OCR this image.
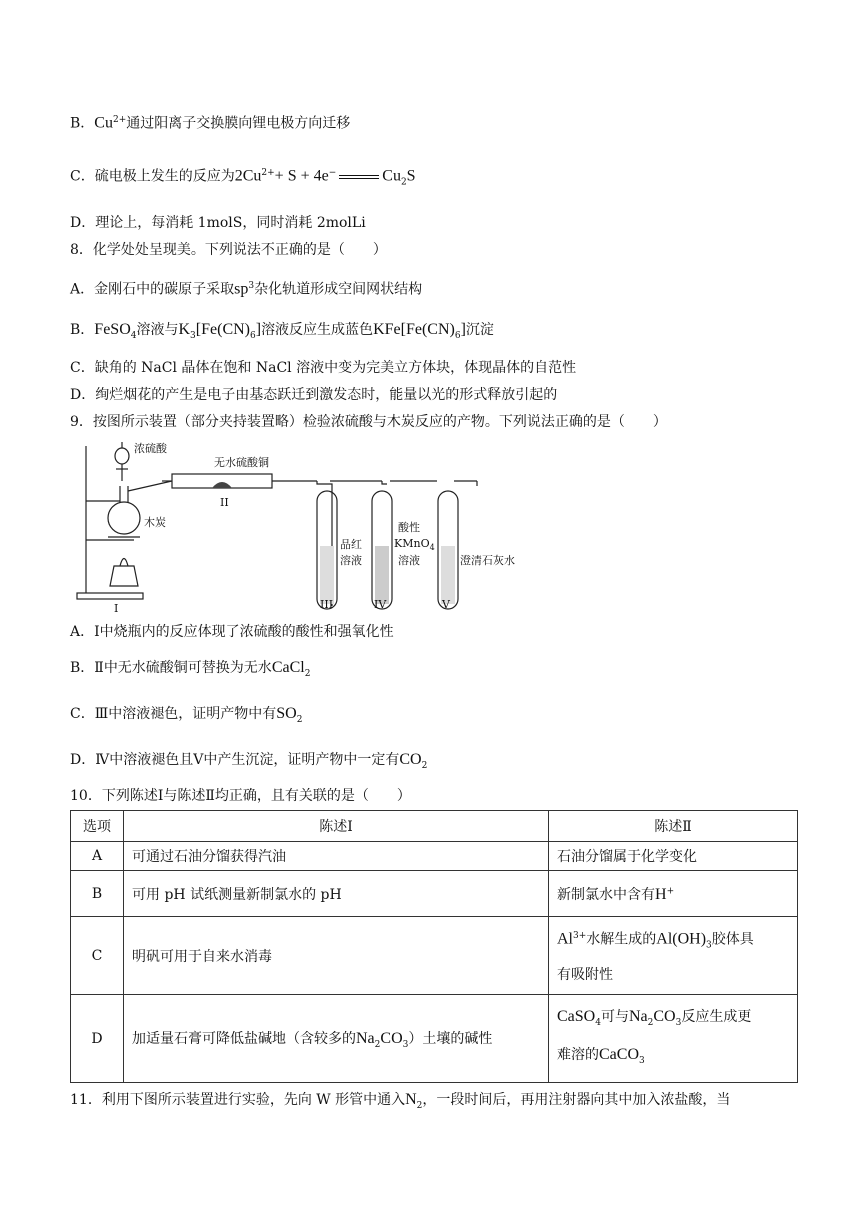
B．$Cu^{2+}$通过阳离子交换膜向锂电极方向迁移
C．硫电极上发生的反应为$2Cu^{2+}+ S + 4e^-$	$Cu_2S$
D．理论上，每消耗 1molS，同时消耗 2molLi
8．化学处处呈现美。下列说法不正确的是（　　）
A．金刚石中的碳原子采取$sp^3$杂化轨道形成空间网状结构
B．FeSO$_4$溶液与$K_3[Fe(CN)_6]$溶液反应生成蓝色$KFe[Fe(CN)_6]$沉淀
C．缺角的 NaCl 晶体在饱和 NaCl 溶液中变为完美立方体块，体现晶体的自范性
D．绚烂烟花的产生是电子由基态跃迁到激发态时，能量以光的形式释放引起的
9．按图所示装置（部分夹持装置略）检验浓硫酸与木炭反应的产物。下列说法正确的是（　　）
浓硫酸
无水硫酸铜
木炭
品红
溶液
酸性
KMnO$_4$
溶液	澄清石灰水
I
II
III	IV	V
A．Ⅰ中烧瓶内的反应体现了浓硫酸的酸性和强氧化性
B．Ⅱ中无水硫酸铜可替换为无水CaCl$_2$
C．Ⅲ中溶液褪色，证明产物中有$SO_2$
D．Ⅳ中溶液褪色且Ⅴ中产生沉淀，证明产物中一定有$CO_2$
10．下列陈述Ⅰ与陈述Ⅱ均正确，且有关联的是（　　）
选项	陈述Ⅰ	陈述Ⅱ
A	可通过石油分馏获得汽油	石油分馏属于化学变化
B	可用 pH 试纸测量新制氯水的 pH	新制氯水中含有H+
C	明矾可用于自来水消毒	$Al^{3+}$水解生成的$Al(OH)_3$胶体具
有吸附性
D	加适量石膏可降低盐碱地（含较多的$Na_2CO_3$）土壤的碱性	CaSO$_4$可与$Na_2CO_3$反应生成更
难溶的CaCO$_3$
11．利用下图所示装置进行实验，先向 W 形管中通入$N_2$，一段时间后，再用注射器向其中加入浓盐酸，当
